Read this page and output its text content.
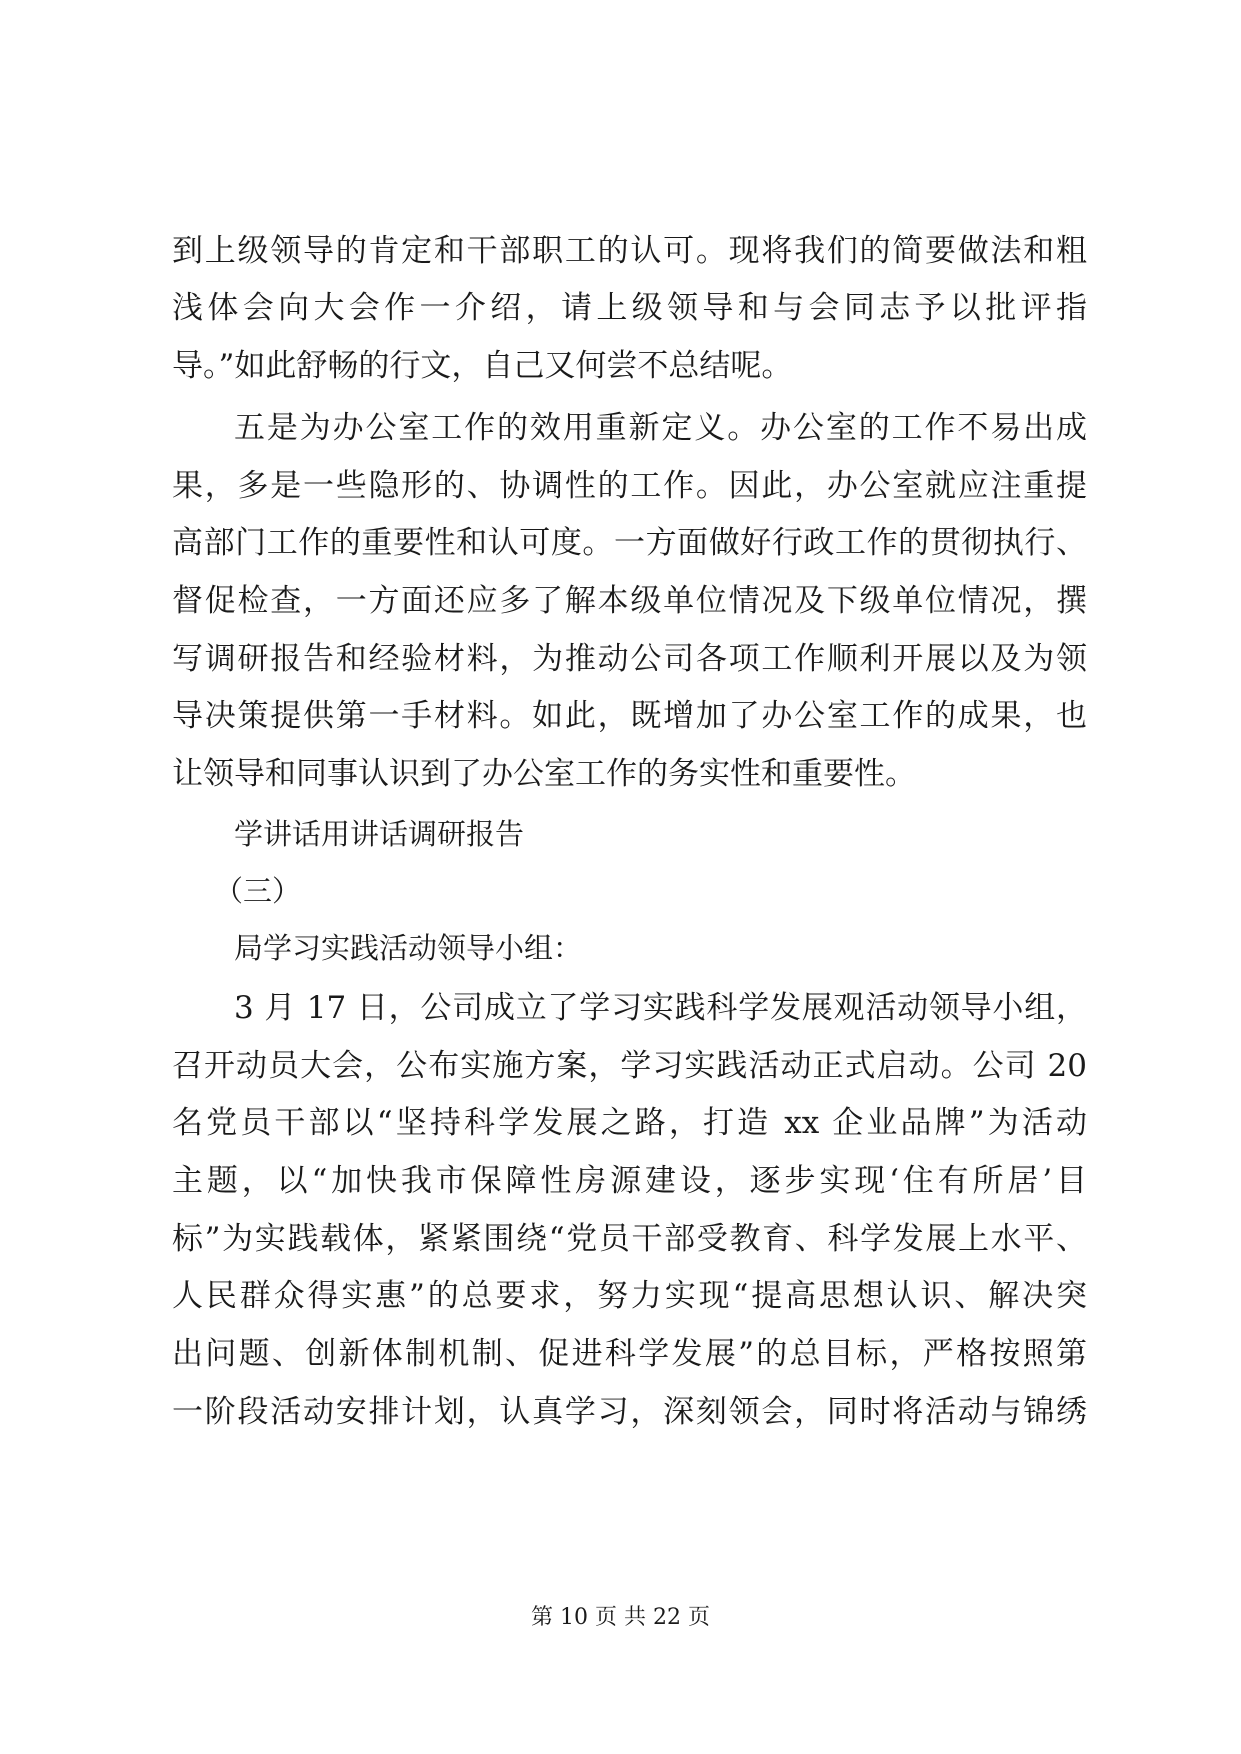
到上级领导的肯定和干部职工的认可。现将我们的简要做法和粗
浅体会向大会作一介绍，请上级领导和与会同志予以批评指
导。”如此舒畅的行文，自己又何尝不总结呢。
五是为办公室工作的效用重新定义。办公室的工作不易出成
果，多是一些隐形的、协调性的工作。因此，办公室就应注重提
高部门工作的重要性和认可度。一方面做好行政工作的贯彻执行、
督促检查，一方面还应多了解本级单位情况及下级单位情况，撰
写调研报告和经验材料，为推动公司各项工作顺利开展以及为领
导决策提供第一手材料。如此，既增加了办公室工作的成果，也
让领导和同事认识到了办公室工作的务实性和重要性。
学讲话用讲话调研报告
（三）
局学习实践活动领导小组：
3 月 17 日，公司成立了学习实践科学发展观活动领导小组，
召开动员大会，公布实施方案，学习实践活动正式启动。公司 20
名党员干部以“坚持科学发展之路，打造 xx 企业品牌”为活动
主题，以“加快我市保障性房源建设，逐步实现‘住有所居’目
标”为实践载体，紧紧围绕“党员干部受教育、科学发展上水平、
人民群众得实惠”的总要求，努力实现“提高思想认识、解决突
出问题、创新体制机制、促进科学发展”的总目标，严格按照第
一阶段活动安排计划，认真学习，深刻领会，同时将活动与锦绣
第 10 页 共 22 页
